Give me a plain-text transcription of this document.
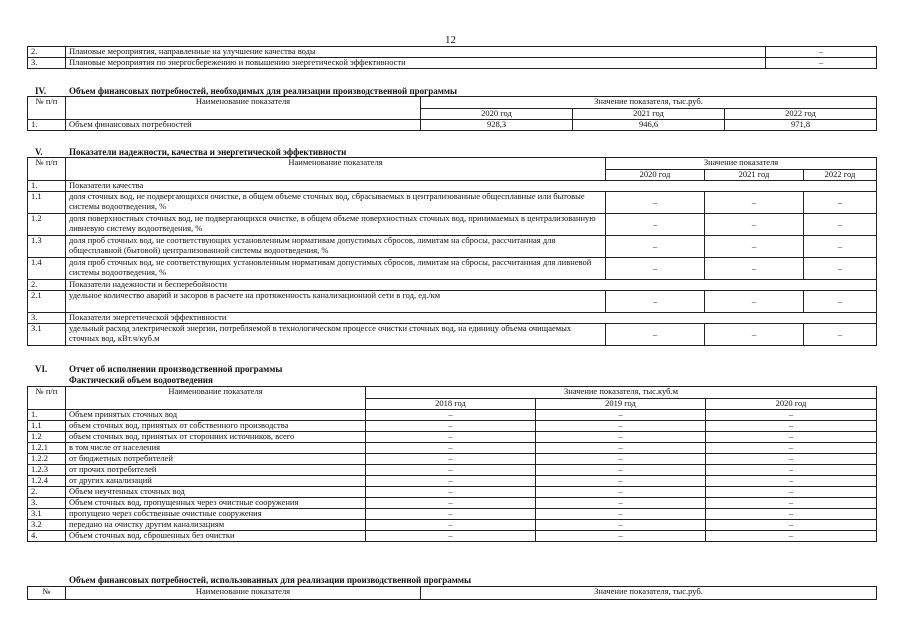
12
2.	Плановые мероприятия, направленные на улучшение качества воды	–
3.	Плановые мероприятия по энергосбережению и повышению энергетической эффективности	–
IV.	Объем финансовых потребностей, необходимых для реализации производственной программы
№ п/п	Наименование показателя	Значение показателя, тыс.руб.		
		2020 год	2021 год	2022 год
1.	Объем финансовых потребностей	928,3	946,6	971,8
V.	Показатели надежности, качества и энергетической эффективности
№ п/п	Наименование показателя	Значение показателя		
		2020 год	2021 год	2022 год
1.	Показатели качества			
1.1	доля сточных вод, не подвергающихся очистке, в общем объеме сточных вод, сбрасываемых в централизованные общесплавные или бытовые системы водоотведения, %	–	–	–
1.2	доля поверхностных сточных вод, не подвергающихся очистке, в общем объеме поверхностных сточных вод, принимаемых в централизованную ливневую систему водоотведения, %	–	–	–
1.3	доля проб сточных вод, не соответствующих установленным нормативам допустимых сбросов, лимитам на сбросы, рассчитанная для общесплавной (бытовой) централизованной системы водоотведения, %	–	–	–
1.4	доля проб сточных вод, не соответствующих установленным нормативам допустимых сбросов, лимитам на сбросы, рассчитанная для ливневой системы водоотведения, %	–	–	–
2.	Показатели надежности и бесперебойности			
2.1	удельное количество аварий и засоров в расчете на протяженность канализационной сети в год, ед./км	–	–	–
3.	Показатели энергетической эффективности			
3.1	удельный расход электрической энергии, потребляемой в технологическом процессе очистки сточных вод, на единицу объема очищаемых сточных вод, кВт.ч/куб.м	–	–	–
VI. Отчет об исполнении производственной программы
Фактический объем водоотведения
№ п/п	Наименование показателя	Значение показателя, тыс.куб.м		
		2018 год	2019 год	2020 год
1.	Объем принятых сточных вод	–	–	–
1.1	объем сточных вод, принятых от собственного производства	–	–	–
1.2	объем сточных вод, принятых от сторонних источников, всего	–	–	–
1.2.1	в том числе от населения	–	–	–
1.2.2	от бюджетных потребителей	–	–	–
1.2.3	от прочих потребителей	–	–	–
1.2.4	от других канализаций	–	–	–
2.	Объем неучтенных сточных вод	–	–	–
3.	Объем сточных вод, пропущенных через очистные сооружения	–	–	–
3.1	пропущено через собственные очистные сооружения	–	–	–
3.2	передано на очистку другим канализациям	–	–	–
4.	Объем сточных вод, сброшенных без очистки	–	–	–
Объем финансовых потребностей, использованных для реализации производственной программы
№	Наименование показателя	Значение показателя, тыс.руб.
